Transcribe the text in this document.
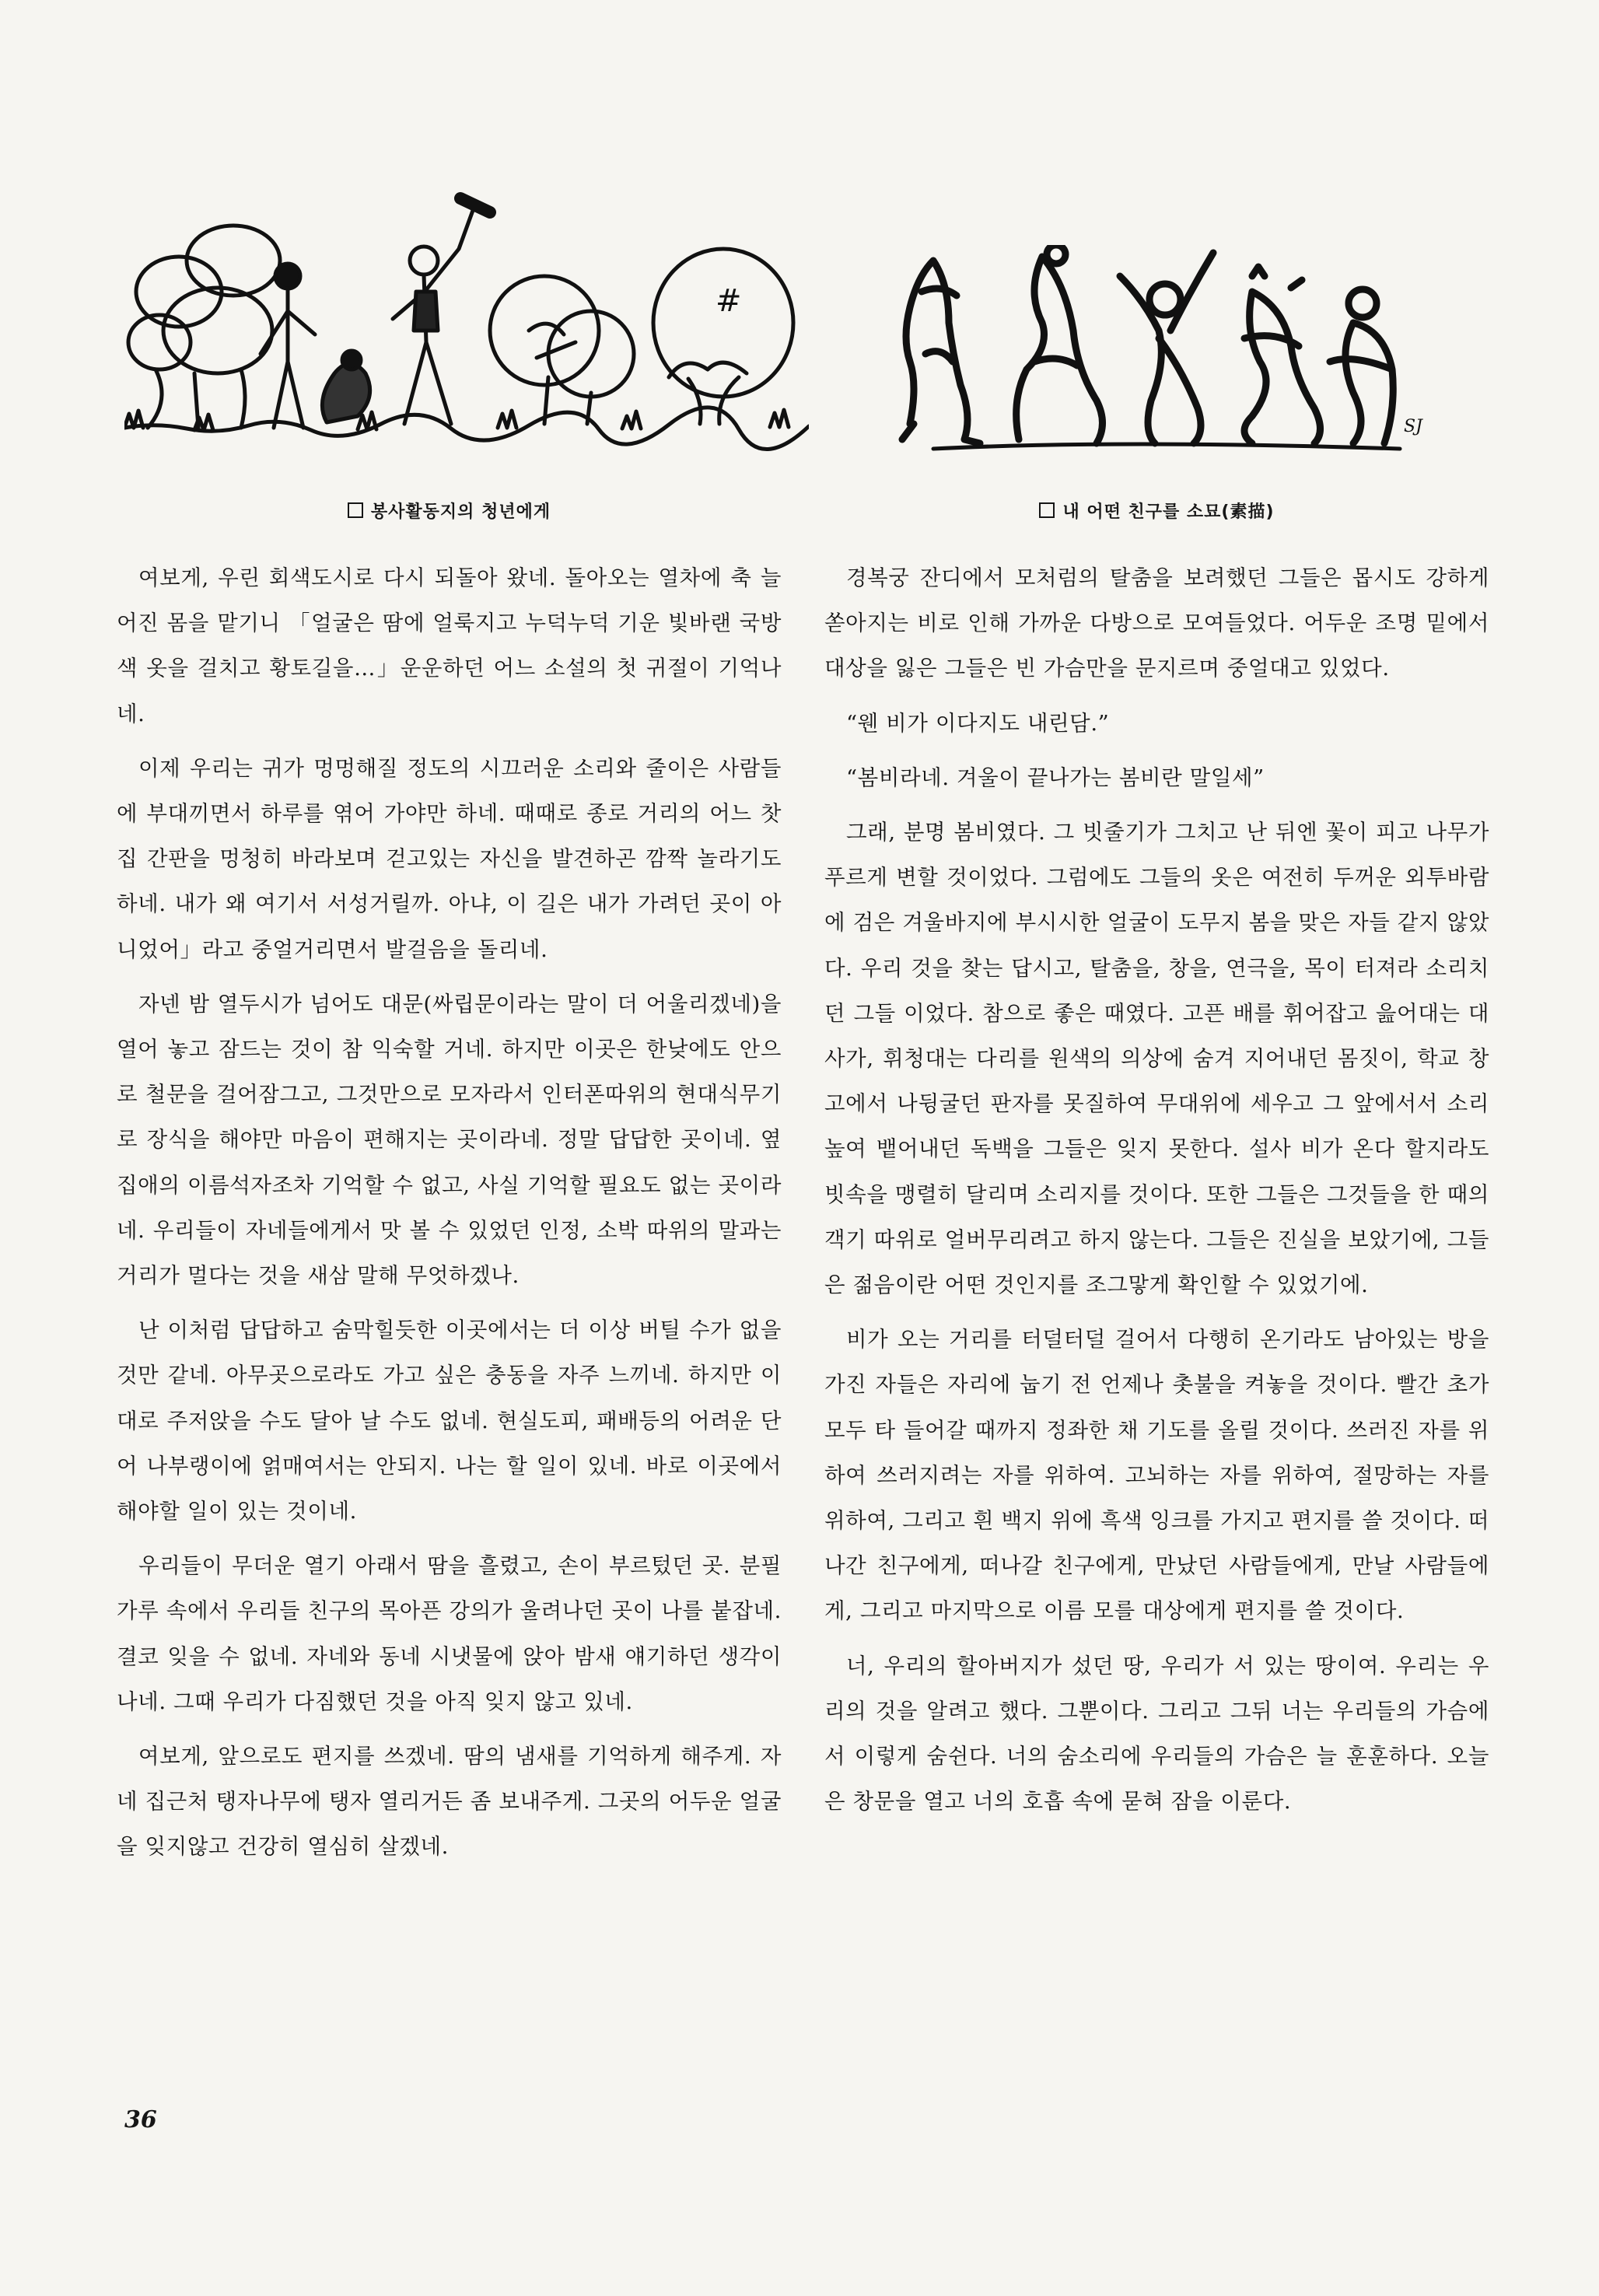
#
SJ
봉사활동지의 청년에게

여보게, 우린 회색도시로 다시 되돌아 왔네. 돌아오는 열차에 축 늘어진 몸을 맡기니 「얼굴은 땀에 얼룩지고 누덕누덕 기운 빛바랜 국방색 옷을 걸치고 황토길을…」운운하던 어느 소설의 첫 귀절이 기억나네.

이제 우리는 귀가 멍멍해질 정도의 시끄러운 소리와 줄이은 사람들에 부대끼면서 하루를 엮어 가야만 하네. 때때로 종로 거리의 어느 찻집 간판을 멍청히 바라보며 걷고있는 자신을 발견하곤 깜짝 놀라기도 하네. 내가 왜 여기서 서성거릴까. 아냐, 이 길은 내가 가려던 곳이 아니었어」라고 중얼거리면서 발걸음을 돌리네.

자넨 밤 열두시가 넘어도 대문(싸립문이라는 말이 더 어울리겠네)을 열어 놓고 잠드는 것이 참 익숙할 거네. 하지만 이곳은 한낮에도 안으로 철문을 걸어잠그고, 그것만으로 모자라서 인터폰따위의 현대식무기로 장식을 해야만 마음이 편해지는 곳이라네. 정말 답답한 곳이네. 옆집애의 이름석자조차 기억할 수 없고, 사실 기억할 필요도 없는 곳이라네. 우리들이 자네들에게서 맛 볼 수 있었던 인정, 소박 따위의 말과는 거리가 멀다는 것을 새삼 말해 무엇하겠나.

난 이처럼 답답하고 숨막힐듯한 이곳에서는 더 이상 버틸 수가 없을 것만 같네. 아무곳으로라도 가고 싶은 충동을 자주 느끼네. 하지만 이대로 주저앉을 수도 달아 날 수도 없네. 현실도피, 패배등의 어려운 단어 나부랭이에 얽매여서는 안되지. 나는 할 일이 있네. 바로 이곳에서 해야할 일이 있는 것이네.

우리들이 무더운 열기 아래서 땀을 흘렸고, 손이 부르텄던 곳. 분필가루 속에서 우리들 친구의 목아픈 강의가 울려나던 곳이 나를 붙잡네. 결코 잊을 수 없네. 자네와 동네 시냇물에 앉아 밤새 얘기하던 생각이 나네. 그때 우리가 다짐했던 것을 아직 잊지 않고 있네.

여보게, 앞으로도 편지를 쓰겠네. 땀의 냄새를 기억하게 해주게. 자네 집근처 탱자나무에 탱자 열리거든 좀 보내주게. 그곳의 어두운 얼굴을 잊지않고 건강히 열심히 살겠네.

내 어떤 친구를 소묘(素描)

경복궁 잔디에서 모처럼의 탈춤을 보려했던 그들은 몹시도 강하게 쏟아지는 비로 인해 가까운 다방으로 모여들었다. 어두운 조명 밑에서 대상을 잃은 그들은 빈 가슴만을 문지르며 중얼대고 있었다.

“웬 비가 이다지도 내린담.”

“봄비라네. 겨울이 끝나가는 봄비란 말일세”

그래, 분명 봄비였다. 그 빗줄기가 그치고 난 뒤엔 꽃이 피고 나무가 푸르게 변할 것이었다. 그럼에도 그들의 옷은 여전히 두꺼운 외투바람에 검은 겨울바지에 부시시한 얼굴이 도무지 봄을 맞은 자들 같지 않았다. 우리 것을 찾는 답시고, 탈춤을, 창을, 연극을, 목이 터져라 소리치던 그들 이었다. 참으로 좋은 때였다. 고픈 배를 휘어잡고 읊어대는 대사가, 휘청대는 다리를 원색의 의상에 숨겨 지어내던 몸짓이, 학교 창고에서 나뒹굴던 판자를 못질하여 무대위에 세우고 그 앞에서서 소리높여 뱉어내던 독백을 그들은 잊지 못한다. 설사 비가 온다 할지라도 빗속을 맹렬히 달리며 소리지를 것이다. 또한 그들은 그것들을 한 때의 객기 따위로 얼버무리려고 하지 않는다. 그들은 진실을 보았기에, 그들은 젊음이란 어떤 것인지를 조그맣게 확인할 수 있었기에.

비가 오는 거리를 터덜터덜 걸어서 다행히 온기라도 남아있는 방을 가진 자들은 자리에 눕기 전 언제나 촛불을 켜놓을 것이다. 빨간 초가 모두 타 들어갈 때까지 정좌한 채 기도를 올릴 것이다. 쓰러진 자를 위하여 쓰러지려는 자를 위하여. 고뇌하는 자를 위하여, 절망하는 자를 위하여, 그리고 흰 백지 위에 흑색 잉크를 가지고 편지를 쓸 것이다. 떠나간 친구에게, 떠나갈 친구에게, 만났던 사람들에게, 만날 사람들에게, 그리고 마지막으로 이름 모를 대상에게 편지를 쓸 것이다.

너, 우리의 할아버지가 섰던 땅, 우리가 서 있는 땅이여. 우리는 우리의 것을 알려고 했다. 그뿐이다. 그리고 그뒤 너는 우리들의 가슴에서 이렇게 숨쉰다. 너의 숨소리에 우리들의 가슴은 늘 훈훈하다. 오늘은 창문을 열고 너의 호흡 속에 묻혀 잠을 이룬다.

36
